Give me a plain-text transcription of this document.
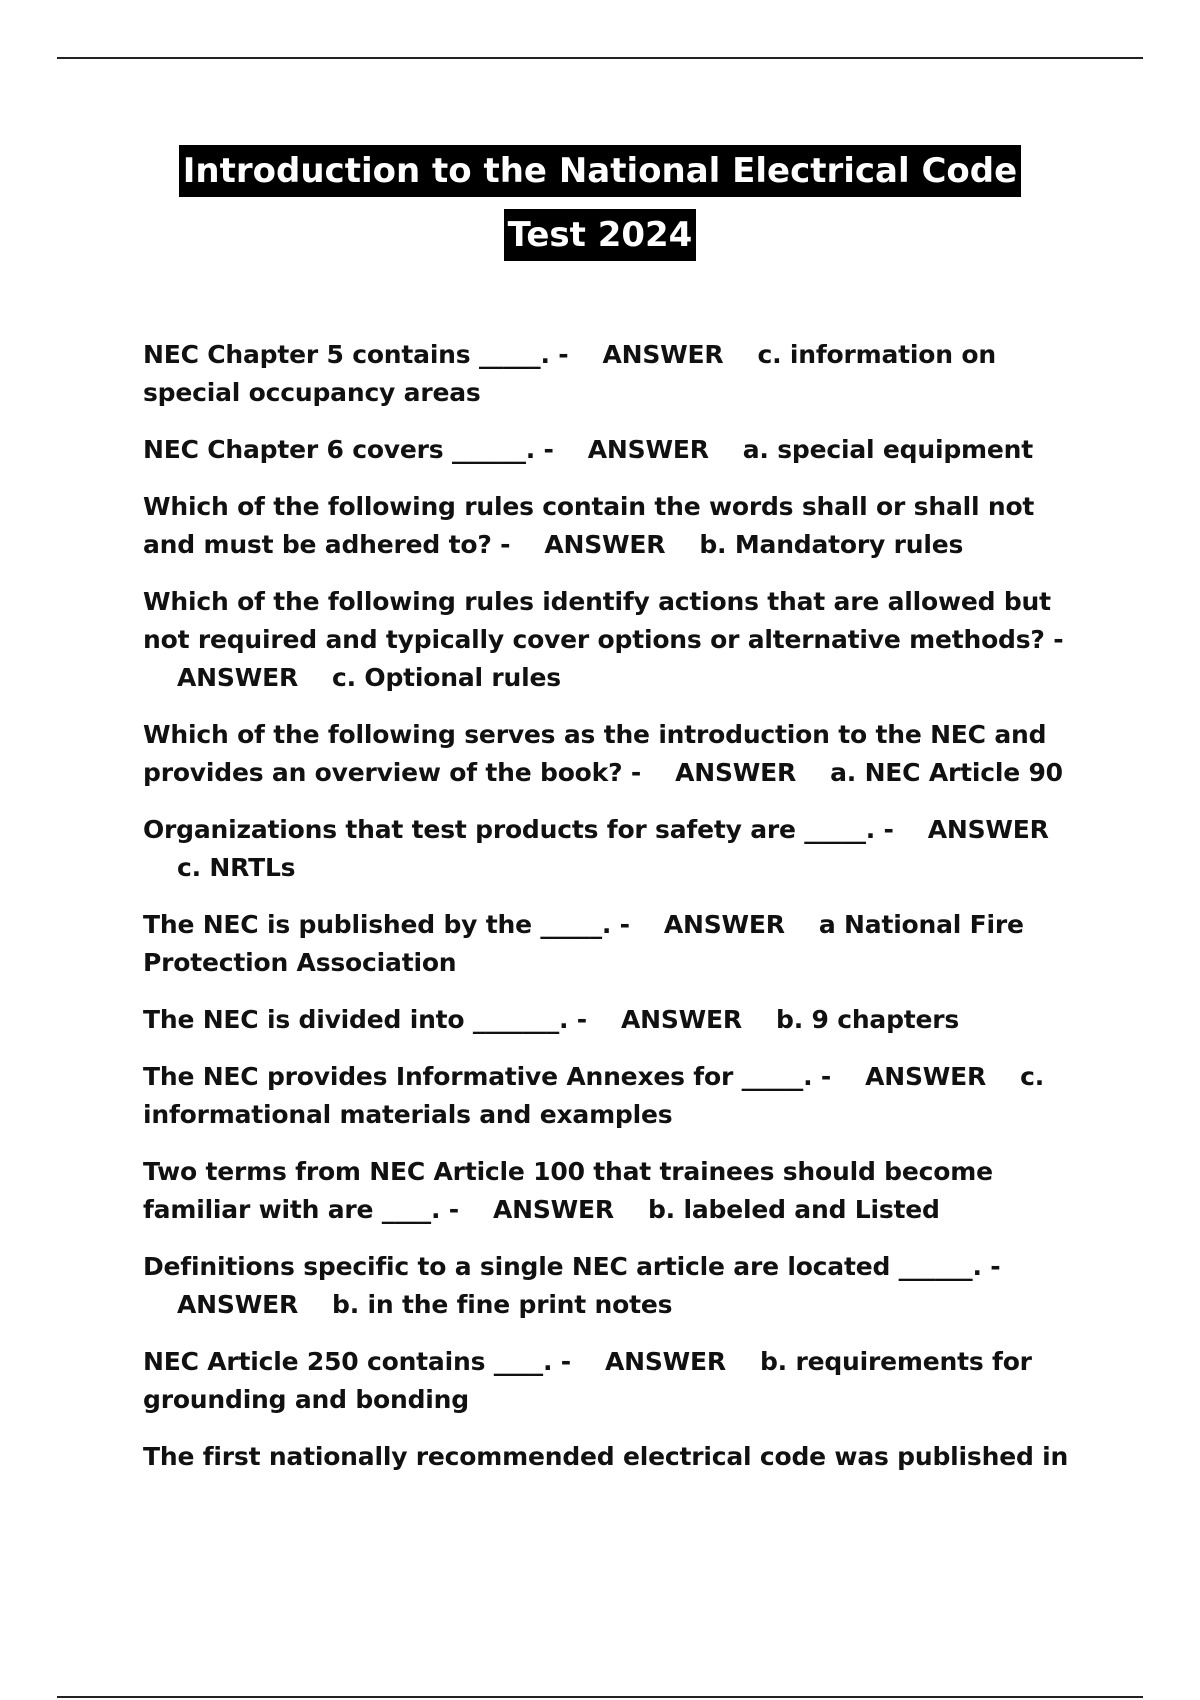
Introduction to the National Electrical Code
Test 2024

NEC Chapter 5 contains _____. - ANSWER c. information on special occupancy areas

NEC Chapter 6 covers ______. - ANSWER a. special equipment

Which of the following rules contain the words shall or shall not and must be adhered to? - ANSWER b. Mandatory rules

Which of the following rules identify actions that are allowed but not required and typically cover options or alternative methods? -    ANSWER c. Optional rules

Which of the following serves as the introduction to the NEC and provides an overview of the book? - ANSWER a. NEC Article 90

Organizations that test products for safety are _____. - ANSWER    c. NRTLs

The NEC is published by the _____. - ANSWER a National Fire Protection Association

The NEC is divided into _______. - ANSWER b. 9 chapters

The NEC provides Informative Annexes for _____. - ANSWER c. informational materials and examples

Two terms from NEC Article 100 that trainees should become familiar with are ____. - ANSWER b. labeled and Listed

Definitions specific to a single NEC article are located ______. -    ANSWER b. in the fine print notes

NEC Article 250 contains ____. - ANSWER b. requirements for grounding and bonding

The first nationally recommended electrical code was published in
